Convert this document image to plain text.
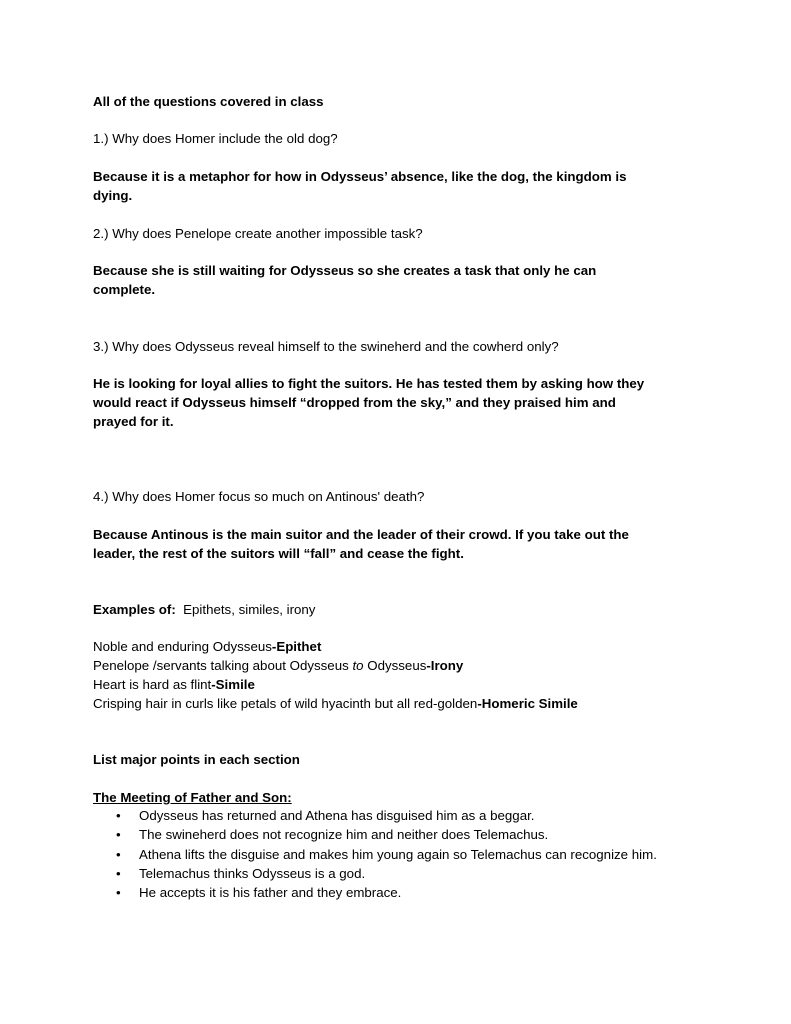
All of the questions covered in class
1.) Why does Homer include the old dog?
Because it is a metaphor for how in Odysseus’ absence, like the dog, the kingdom is
dying.
2.) Why does Penelope create another impossible task?
Because she is still waiting for Odysseus so she creates a task that only he can
complete.
3.) Why does Odysseus reveal himself to the swineherd and the cowherd only?
He is looking for loyal allies to fight the suitors. He has tested them by asking how they
would react if Odysseus himself “dropped from the sky,” and they praised him and
prayed for it.
4.) Why does Homer focus so much on Antinous' death?
Because Antinous is the main suitor and the leader of their crowd. If you take out the
leader, the rest of the suitors will “fall” and cease the fight.
Examples of: Epithets, similes, irony
Noble and enduring Odysseus-Epithet
Penelope /servants talking about Odysseus to Odysseus-Irony
Heart is hard as flint-Simile
Crisping hair in curls like petals of wild hyacinth but all red-golden-Homeric Simile
List major points in each section
The Meeting of Father and Son:
• Odysseus has returned and Athena has disguised him as a beggar.
• The swineherd does not recognize him and neither does Telemachus.
• Athena lifts the disguise and makes him young again so Telemachus can recognize him.
• Telemachus thinks Odysseus is a god.
• He accepts it is his father and they embrace.
